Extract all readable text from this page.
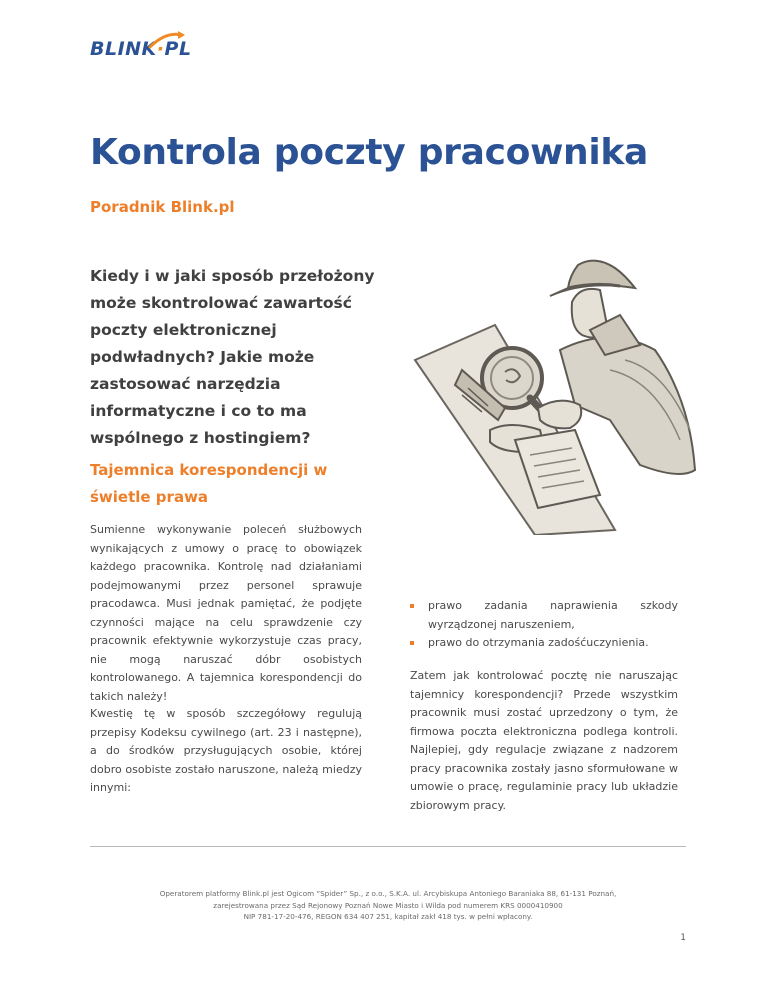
BLINK·PL
Kontrola poczty pracownika

Poradnik Blink.pl

Kiedy i w jaki sposób przełożony może skontrolować zawartość poczty elektronicznej podwładnych? Jakie może zastosować narzędzia informatyczne i co to ma wspólnego z hostingiem?

Tajemnica korespondencji w świetle prawa

Sumienne wykonywanie poleceń służbowych wynikających z umowy o pracę to obowiązek każdego pracownika. Kontrolę nad działaniami podejmowanymi przez personel sprawuje pracodawca. Musi jednak pamiętać, że podjęte czynności mające na celu sprawdzenie czy pracownik efektywnie wykorzystuje czas pracy, nie mogą naruszać dóbr osobistych kontrolowanego. A tajemnica korespondencji do takich należy!

Kwestię tę w sposób szczegółowy regulują przepisy Kodeksu cywilnego (art. 23 i następne), a do środków przysługujących osobie, której dobro osobiste zostało naruszone, należą miedzy innymi:

prawo zadania naprawienia szkody wyrządzonej naruszeniem,
prawo do otrzymania zadośćuczynienia.

Zatem jak kontrolować pocztę nie naruszając tajemnicy korespondencji? Przede wszystkim pracownik musi zostać uprzedzony o tym, że firmowa poczta elektroniczna podlega kontroli. Najlepiej, gdy regulacje związane z nadzorem pracy pracownika zostały jasno sformułowane w umowie o pracę, regulaminie pracy lub układzie zbiorowym pracy.

Operatorem platformy Blink.pl jest Ogicom “Spider” Sp., z o.o., S.K.A. ul. Arcybiskupa Antoniego Baraniaka 88, 61-131 Poznań,
zarejestrowana przez Sąd Rejonowy Poznań Nowe Miasto i Wilda pod numerem KRS 0000410900
NIP 781-17-20-476, REGON 634 407 251, kapitał zakł 418 tys. w pełni wpłacony.

1
